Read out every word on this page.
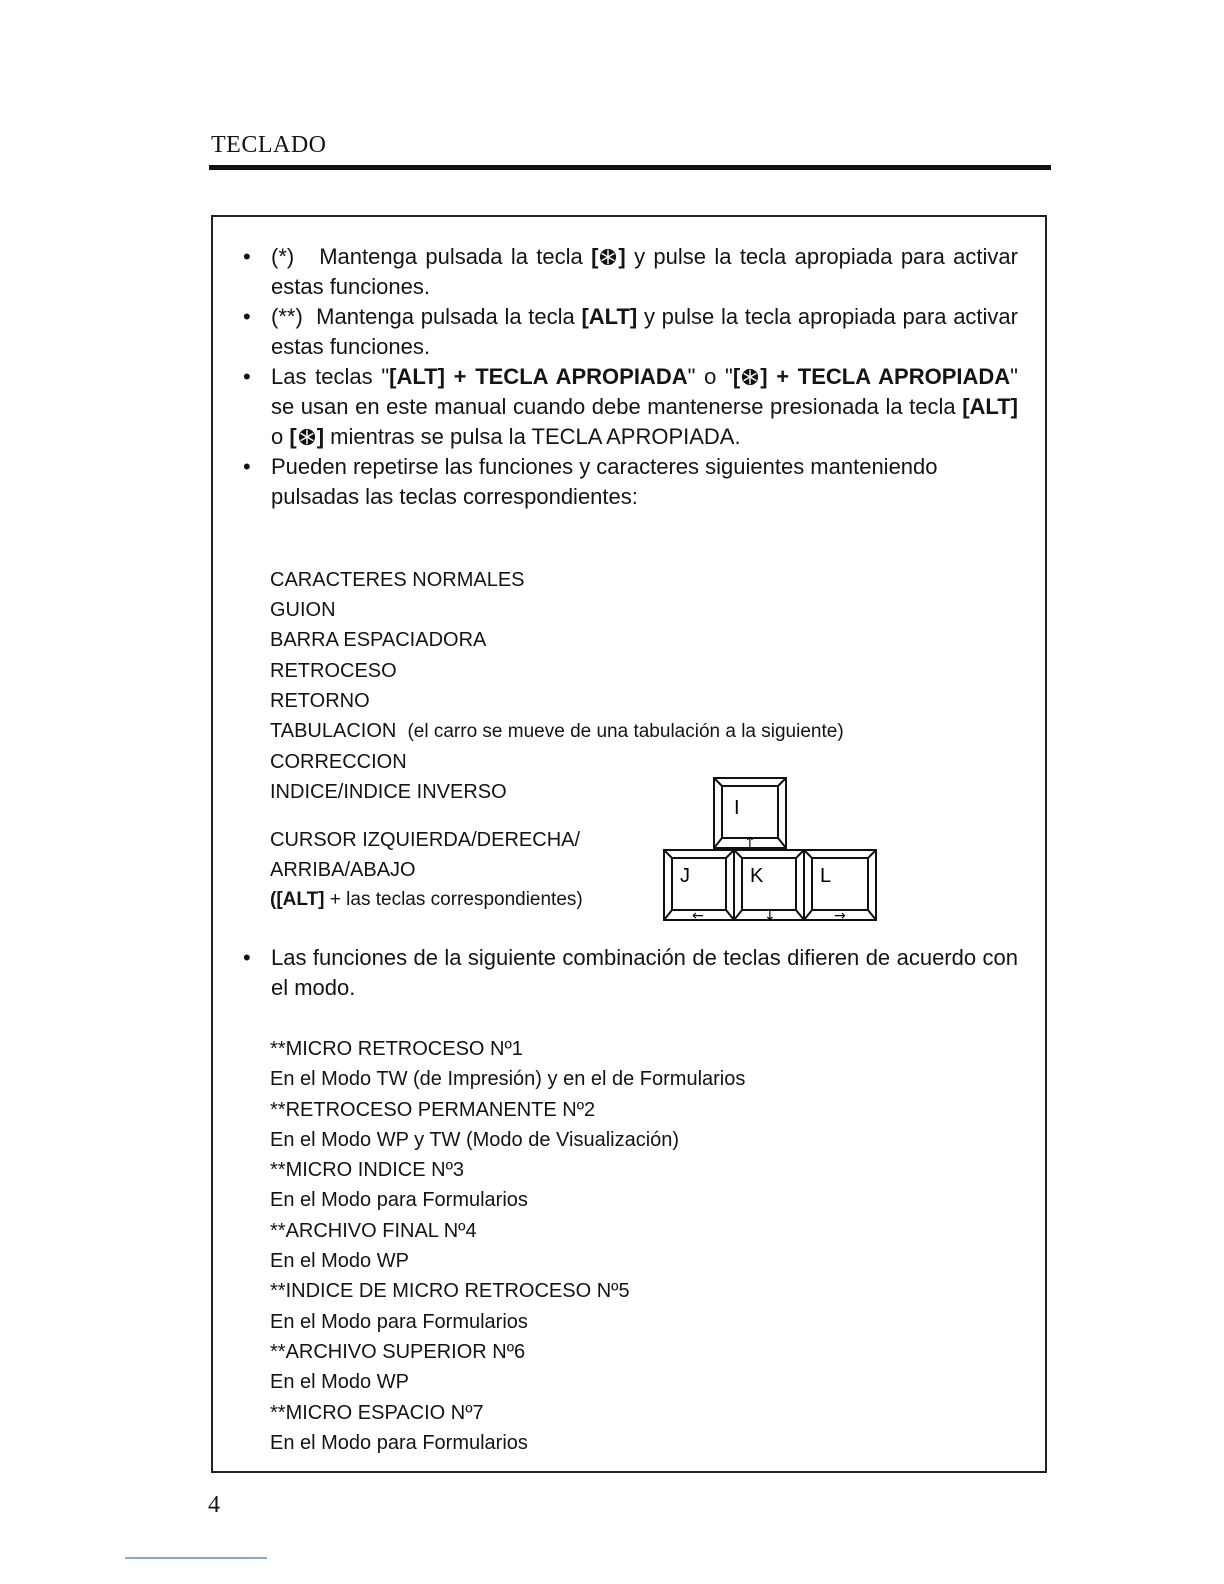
TECLADO
• (*) Mantenga pulsada la tecla [ ] y pulse la tecla apropiada para activar estas funciones.
• (**) Mantenga pulsada la tecla [ALT] y pulse la tecla apropiada para activar estas funciones.
• Las teclas "[ALT] + TECLA APROPIADA" o "[ ] + TECLA APROPIADA" se usan en este manual cuando debe mantenerse presionada la tecla [ALT] o [ ] mientras se pulsa la TECLA APROPIADA.
• Pueden repetirse las funciones y caracteres siguientes manteniendo pulsadas las teclas correspondientes:
CARACTERES NORMALES
GUION
BARRA ESPACIADORA
RETROCESO
RETORNO
TABULACION (el carro se mueve de una tabulación a la siguiente)
CORRECCION
INDICE/INDICE INVERSO
CURSOR IZQUIERDA/DERECHA/
ARRIBA/ABAJO
([ALT] + las teclas correspondientes)
I
↑
J
←
K
↓
L
→
• Las funciones de la siguiente combinación de teclas difieren de acuerdo con el modo.
**MICRO RETROCESO Nº1
En el Modo TW (de Impresión) y en el de Formularios
**RETROCESO PERMANENTE Nº2
En el Modo WP y TW (Modo de Visualización)
**MICRO INDICE Nº3
En el Modo para Formularios
**ARCHIVO FINAL Nº4
En el Modo WP
**INDICE DE MICRO RETROCESO Nº5
En el Modo para Formularios
**ARCHIVO SUPERIOR Nº6
En el Modo WP
**MICRO ESPACIO Nº7
En el Modo para Formularios
4
